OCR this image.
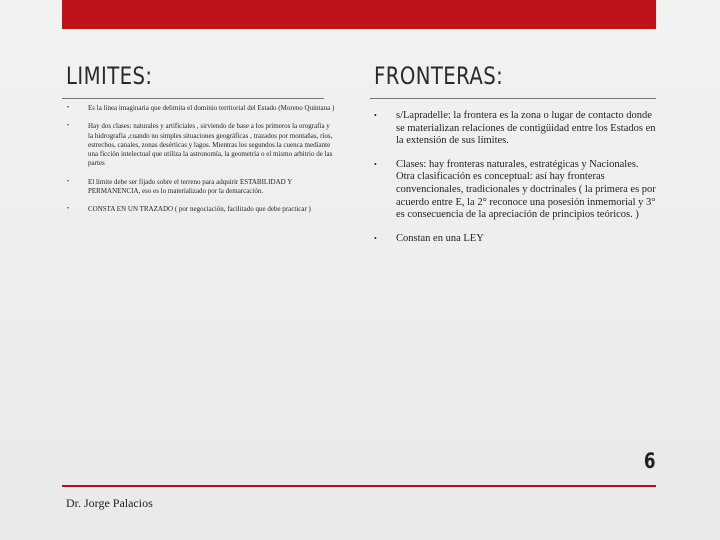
LIMITES:	FRONTERAS:
•	Es la línea imaginaria que delimita el dominio territorial del Estado (Moreno Quintana )
•	Hay dos clases: naturales y artificiales , sirviendo de base a los primeros la orografía y la hidrografía ,cuando no simples situaciones geográficas , trazados por montañas, ríos, estrechos, canales, zonas desérticas y lagos. Mientras los segundos la cuenca mediante una ficción intelectual que utiliza la astronomía, la geometría o el mismo arbitrio de las partes
•	El límite debe ser fijado sobre el terreno para adquirir ESTABILIDAD Y PERMANENCIA, eso es lo materializado por la demarcación.
•	CONSTA EN UN TRAZADO ( por negociación, facilitado que debe practicar )
• s/Lapradelle: la frontera es la zona o lugar de contacto donde se materializan relaciones de contigüidad entre los Estados en la extensión de sus límites.
• Clases: hay fronteras naturales, estratégicas y Nacionales. Otra clasificación es conceptual: así hay fronteras convencionales, tradicionales y doctrinales ( la primera es por acuerdo entre E, la 2° reconoce una posesión inmemorial y 3° es consecuencia de la apreciación de principios teóricos. )
• Constan en una LEY
6
Dr. Jorge Palacios
